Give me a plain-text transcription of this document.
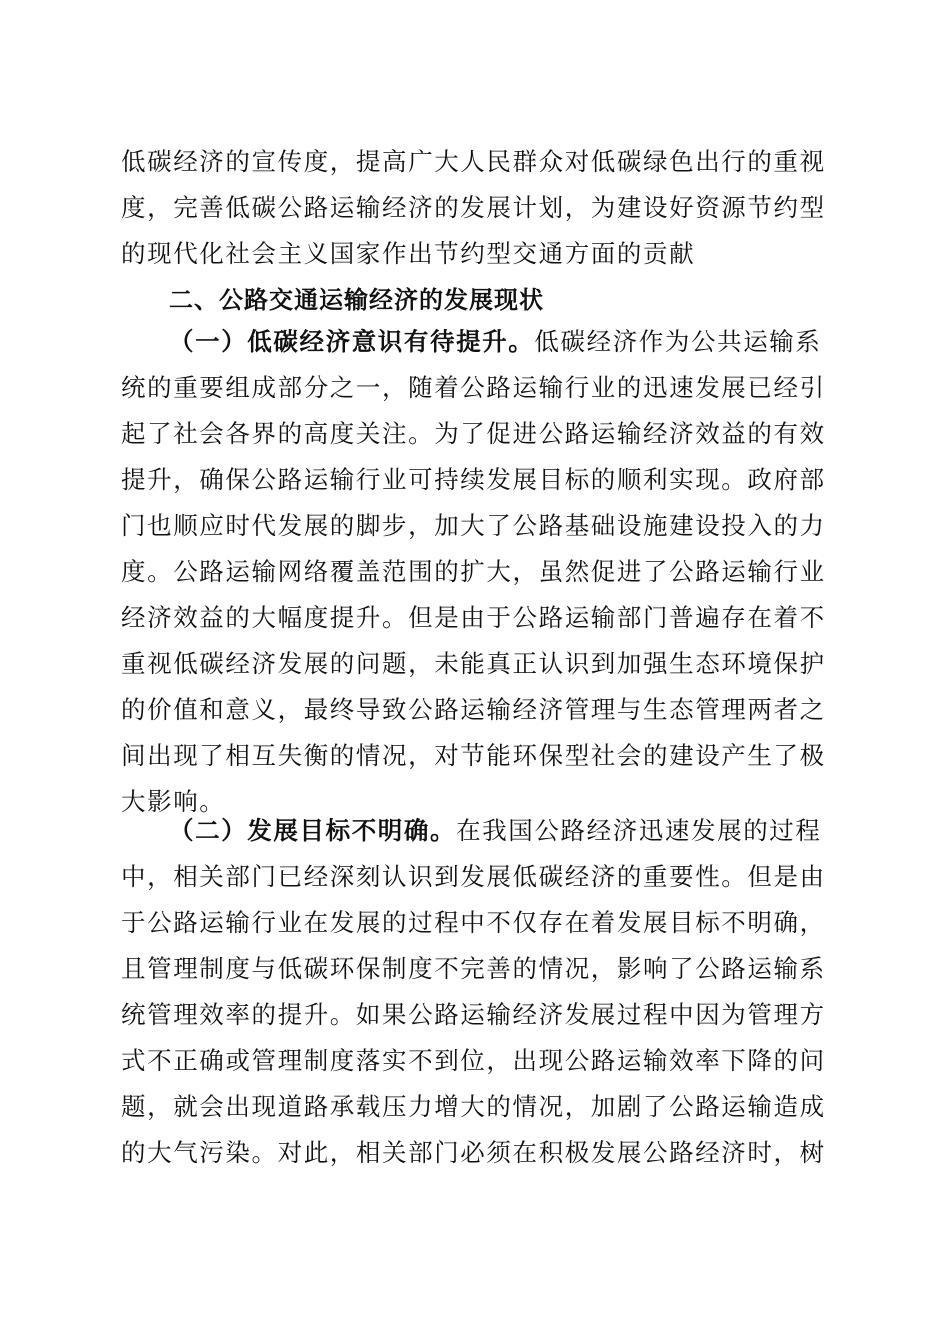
低碳经济的宣传度，提高广大人民群众对低碳绿色出行的重视
度，完善低碳公路运输经济的发展计划，为建设好资源节约型
的现代化社会主义国家作出节约型交通方面的贡献
二、公路交通运输经济的发展现状
（一）低碳经济意识有待提升。低碳经济作为公共运输系
统的重要组成部分之一，随着公路运输行业的迅速发展已经引
起了社会各界的高度关注。为了促进公路运输经济效益的有效
提升，确保公路运输行业可持续发展目标的顺利实现。政府部
门也顺应时代发展的脚步，加大了公路基础设施建设投入的力
度。公路运输网络覆盖范围的扩大，虽然促进了公路运输行业
经济效益的大幅度提升。但是由于公路运输部门普遍存在着不
重视低碳经济发展的问题，未能真正认识到加强生态环境保护
的价值和意义，最终导致公路运输经济管理与生态管理两者之
间出现了相互失衡的情况，对节能环保型社会的建设产生了极
大影响。
（二）发展目标不明确。在我国公路经济迅速发展的过程
中，相关部门已经深刻认识到发展低碳经济的重要性。但是由
于公路运输行业在发展的过程中不仅存在着发展目标不明确，
且管理制度与低碳环保制度不完善的情况，影响了公路运输系
统管理效率的提升。如果公路运输经济发展过程中因为管理方
式不正确或管理制度落实不到位，出现公路运输效率下降的问
题，就会出现道路承载压力增大的情况，加剧了公路运输造成
的大气污染。对此，相关部门必须在积极发展公路经济时，树
